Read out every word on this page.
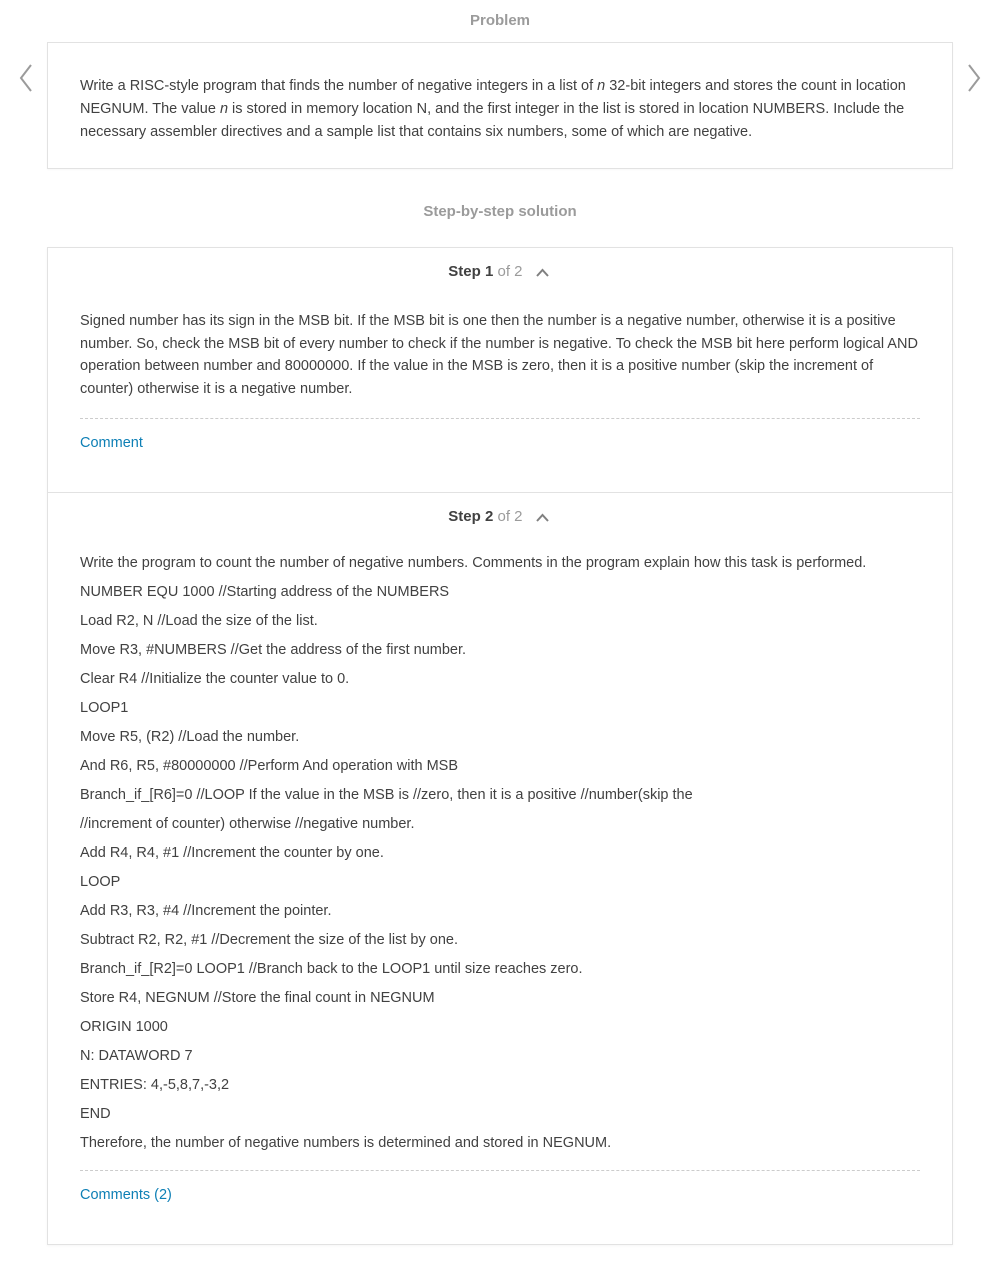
Problem

Write a RISC-style program that finds the number of negative integers in a list of n 32-bit integers and stores the count in location NEGNUM. The value n is stored in memory location N, and the first integer in the list is stored in location NUMBERS. Include the necessary assembler directives and a sample list that contains six numbers, some of which are negative.

Step-by-step solution
Step 1 of 2

Signed number has its sign in the MSB bit. If the MSB bit is one then the number is a negative number, otherwise it is a positive number. So, check the MSB bit of every number to check if the number is negative. To check the MSB bit here perform logical AND operation between number and 80000000. If the value in the MSB is zero, then it is a positive number (skip the increment of counter) otherwise it is a negative number.

Comment
Step 2 of 2

Write the program to count the number of negative numbers. Comments in the program explain how this task is performed.

NUMBER EQU 1000 //Starting address of the NUMBERS

Load R2, N //Load the size of the list.

Move R3, #NUMBERS //Get the address of the first number.

Clear R4 //Initialize the counter value to 0.

LOOP1

Move R5, (R2) //Load the number.

And R6, R5, #80000000 //Perform And operation with MSB

Branch_if_[R6]=0 //LOOP If the value in the MSB is //zero, then it is a positive //number(skip the

//increment of counter) otherwise //negative number.

Add R4, R4, #1 //Increment the counter by one.

LOOP

Add R3, R3, #4 //Increment the pointer.

Subtract R2, R2, #1 //Decrement the size of the list by one.

Branch_if_[R2]=0 LOOP1 //Branch back to the LOOP1 until size reaches zero.

Store R4, NEGNUM //Store the final count in NEGNUM

ORIGIN 1000

N: DATAWORD 7

ENTRIES: 4,-5,8,7,-3,2

END

Therefore, the number of negative numbers is determined and stored in NEGNUM.

Comments (2)
